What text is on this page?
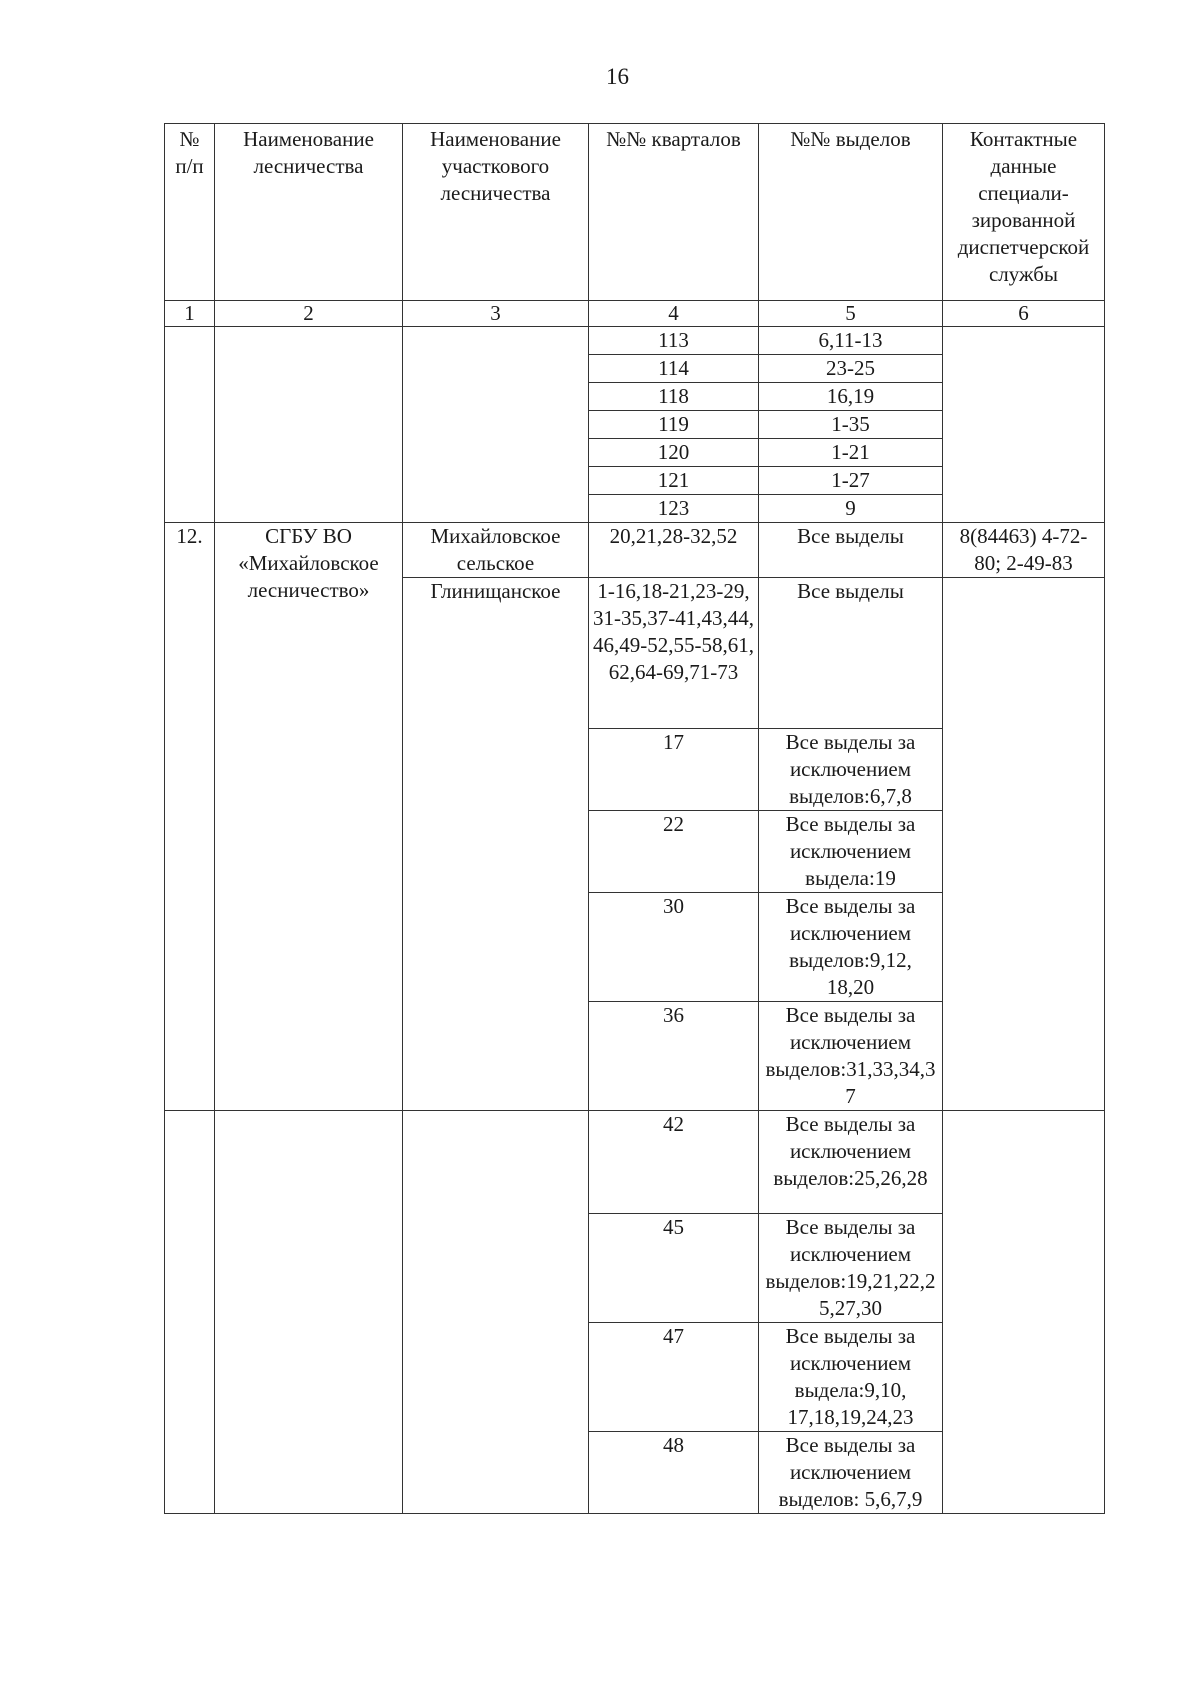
16
№ п/п	Наименование лесничества	Наименование участкового лесничества	№№ кварталов	№№ выделов	Контактные данные специали-зированной диспетчерской службы
1	2	3	4	5	6
			113	6,11-13	
			114	23-25	
			118	16,19	
			119	1-35	
			120	1-21	
			121	1-27	
			123	9	
12.	СГБУ ВО «Михайловское лесничество»	Михайловское сельское	20,21,28-32,52	Все выделы	8(84463) 4-72-80; 2-49-83
		Глинищанское	1-16,18-21,23-29, 31-35,37-41,43,44, 46,49-52,55-58,61, 62,64-69,71-73	Все выделы	
			17	Все выделы за исключением выделов:6,7,8	
			22	Все выделы за исключением выдела:19	
			30	Все выделы за исключением выделов:9,12, 18,20	
			36	Все выделы за исключением выделов:31,33,34,37	
			42	Все выделы за исключением выделов:25,26,28	
			45	Все выделы за исключением выделов:19,21,22,25,27,30	
			47	Все выделы за исключением выдела:9,10, 17,18,19,24,23	
			48	Все выделы за исключением выделов: 5,6,7,9	
